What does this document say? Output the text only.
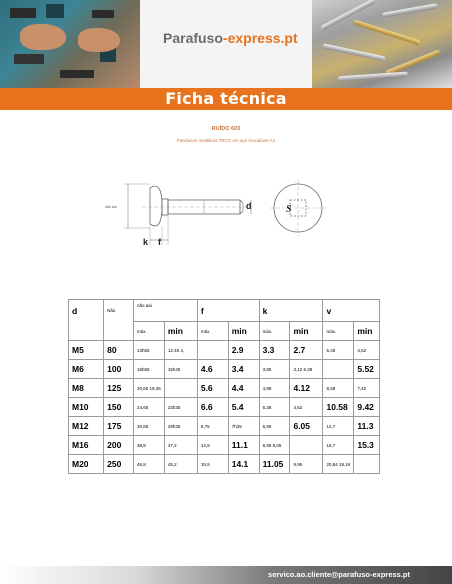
Parafuso-express.pt
Ficha técnica
RUÍDO 603
Parafusos metálicos TRCC em aço inoxidável A4
não aai	d
k f
S
d	Não	não aai		f		k		v	
		máx.	min	máx.	min	máx.	min	máx.	min
M5	80	13h55	12,45 4,		2.9	3.3	2.7	5,48	4,52
M6	100	16h55	15h45	4.6	3.4	3,85	3,12 6,38		5.52
M8	125	20,65 19,35		5.6	4.4	4,88	4.12	8,58	7,42
M10	150	24,65	23h35	6.6	5.4	5,38	4,62	10.58	9.42
M12	175	30,65	29h35	8,75	7h25	6,95	6.05	12,7	11.3
M16	200	38,8	37,2	12,9	11.1	8,95 8,05		16,7	15.3
M20	250	46,8	45,2	15,9	14.1	11.05	9,95	20,84 19,16	
servico.ao.cliente@parafuso-express.pt
